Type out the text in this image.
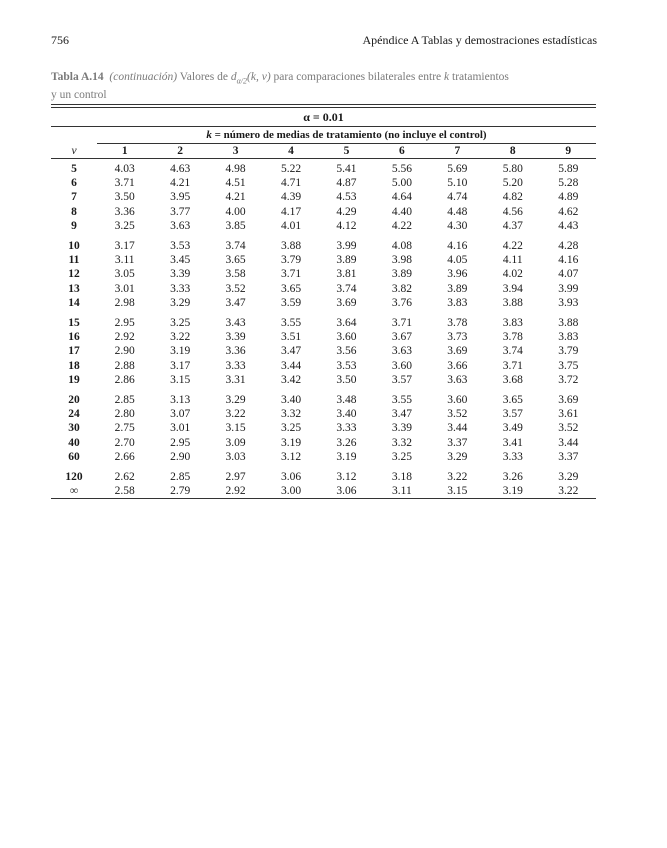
756	Apéndice A Tablas y demostraciones estadísticas
Tabla A.14 (continuación) Valores de $d_{\alpha/2}(k$, v) para comparaciones bilaterales entre k tratamientos
y un control
α = 0.01
k = número de medias de tratamiento (no incluye el control)
v	1	2	3	4	5	6	7	8	9
5	4.03	4.63	4.98	5.22	5.41	5.56	5.69	5.80	5.89
6	3.71	4.21	4.51	4.71	4.87	5.00	5.10	5.20	5.28
7	3.50	3.95	4.21	4.39	4.53	4.64	4.74	4.82	4.89
8	3.36	3.77	4.00	4.17	4.29	4.40	4.48	4.56	4.62
9	3.25	3.63	3.85	4.01	4.12	4.22	4.30	4.37	4.43
10	3.17	3.53	3.74	3.88	3.99	4.08	4.16	4.22	4.28
11	3.11	3.45	3.65	3.79	3.89	3.98	4.05	4.11	4.16
12	3.05	3.39	3.58	3.71	3.81	3.89	3.96	4.02	4.07
13	3.01	3.33	3.52	3.65	3.74	3.82	3.89	3.94	3.99
14	2.98	3.29	3.47	3.59	3.69	3.76	3.83	3.88	3.93
15	2.95	3.25	3.43	3.55	3.64	3.71	3.78	3.83	3.88
16	2.92	3.22	3.39	3.51	3.60	3.67	3.73	3.78	3.83
17	2.90	3.19	3.36	3.47	3.56	3.63	3.69	3.74	3.79
18	2.88	3.17	3.33	3.44	3.53	3.60	3.66	3.71	3.75
19	2.86	3.15	3.31	3.42	3.50	3.57	3.63	3.68	3.72
20	2.85	3.13	3.29	3.40	3.48	3.55	3.60	3.65	3.69
24	2.80	3.07	3.22	3.32	3.40	3.47	3.52	3.57	3.61
30	2.75	3.01	3.15	3.25	3.33	3.39	3.44	3.49	3.52
40	2.70	2.95	3.09	3.19	3.26	3.32	3.37	3.41	3.44
60	2.66	2.90	3.03	3.12	3.19	3.25	3.29	3.33	3.37
120	2.62	2.85	2.97	3.06	3.12	3.18	3.22	3.26	3.29
∞	2.58	2.79	2.92	3.00	3.06	3.11	3.15	3.19	3.22
